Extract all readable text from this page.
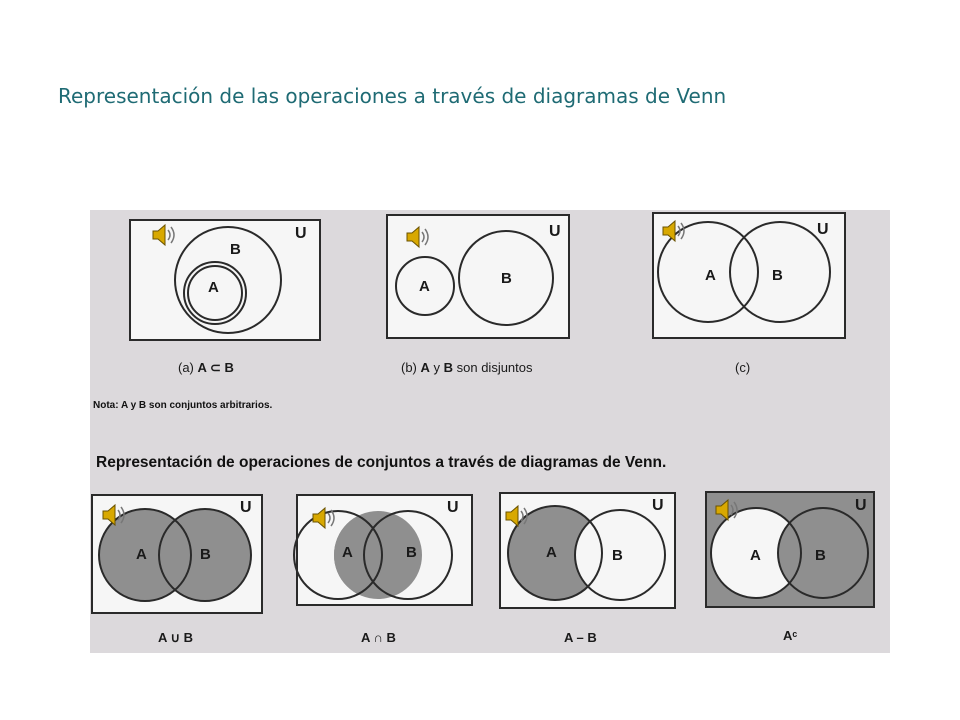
Representación de las operaciones a través de diagramas de Venn
U
B
A
U
A	B
U
A	B
U
A	B
U
A	B
U
A	B
U
A	B
(a) A ⊂ B	(b) A y B son disjuntos	(c)
Nota: A y B son conjuntos arbitrarios.
Representación de operaciones de conjuntos a través de diagramas de Venn.
A ∪ B	A ∩ B	A – B	Aᶜ
